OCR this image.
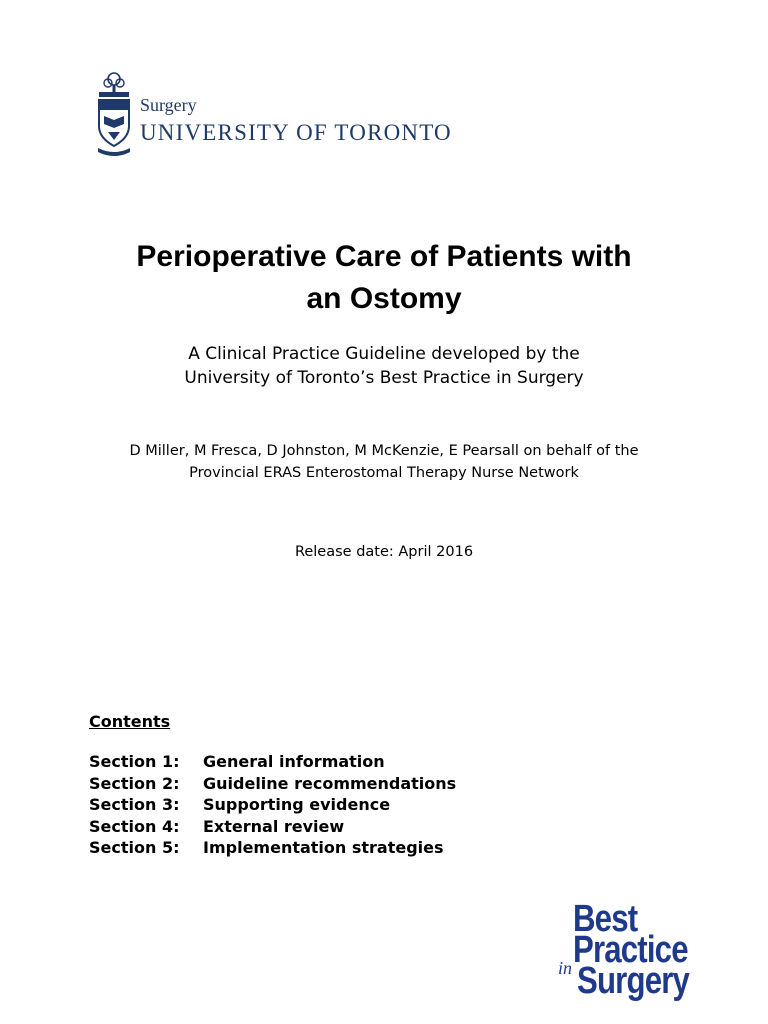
Surgery
UNIVERSITY OF TORONTO
Perioperative Care of Patients with
an Ostomy
A Clinical Practice Guideline developed by the
University of Toronto’s Best Practice in Surgery
D Miller, M Fresca, D Johnston, M McKenzie, E Pearsall on behalf of the
Provincial ERAS Enterostomal Therapy Nurse Network
Release date: April 2016
Contents
Section 1:	General information
Section 2:	Guideline recommendations
Section 3:	Supporting evidence
Section 4:	External review
Section 5:	Implementation strategies
Best
Practice
in Surgery
